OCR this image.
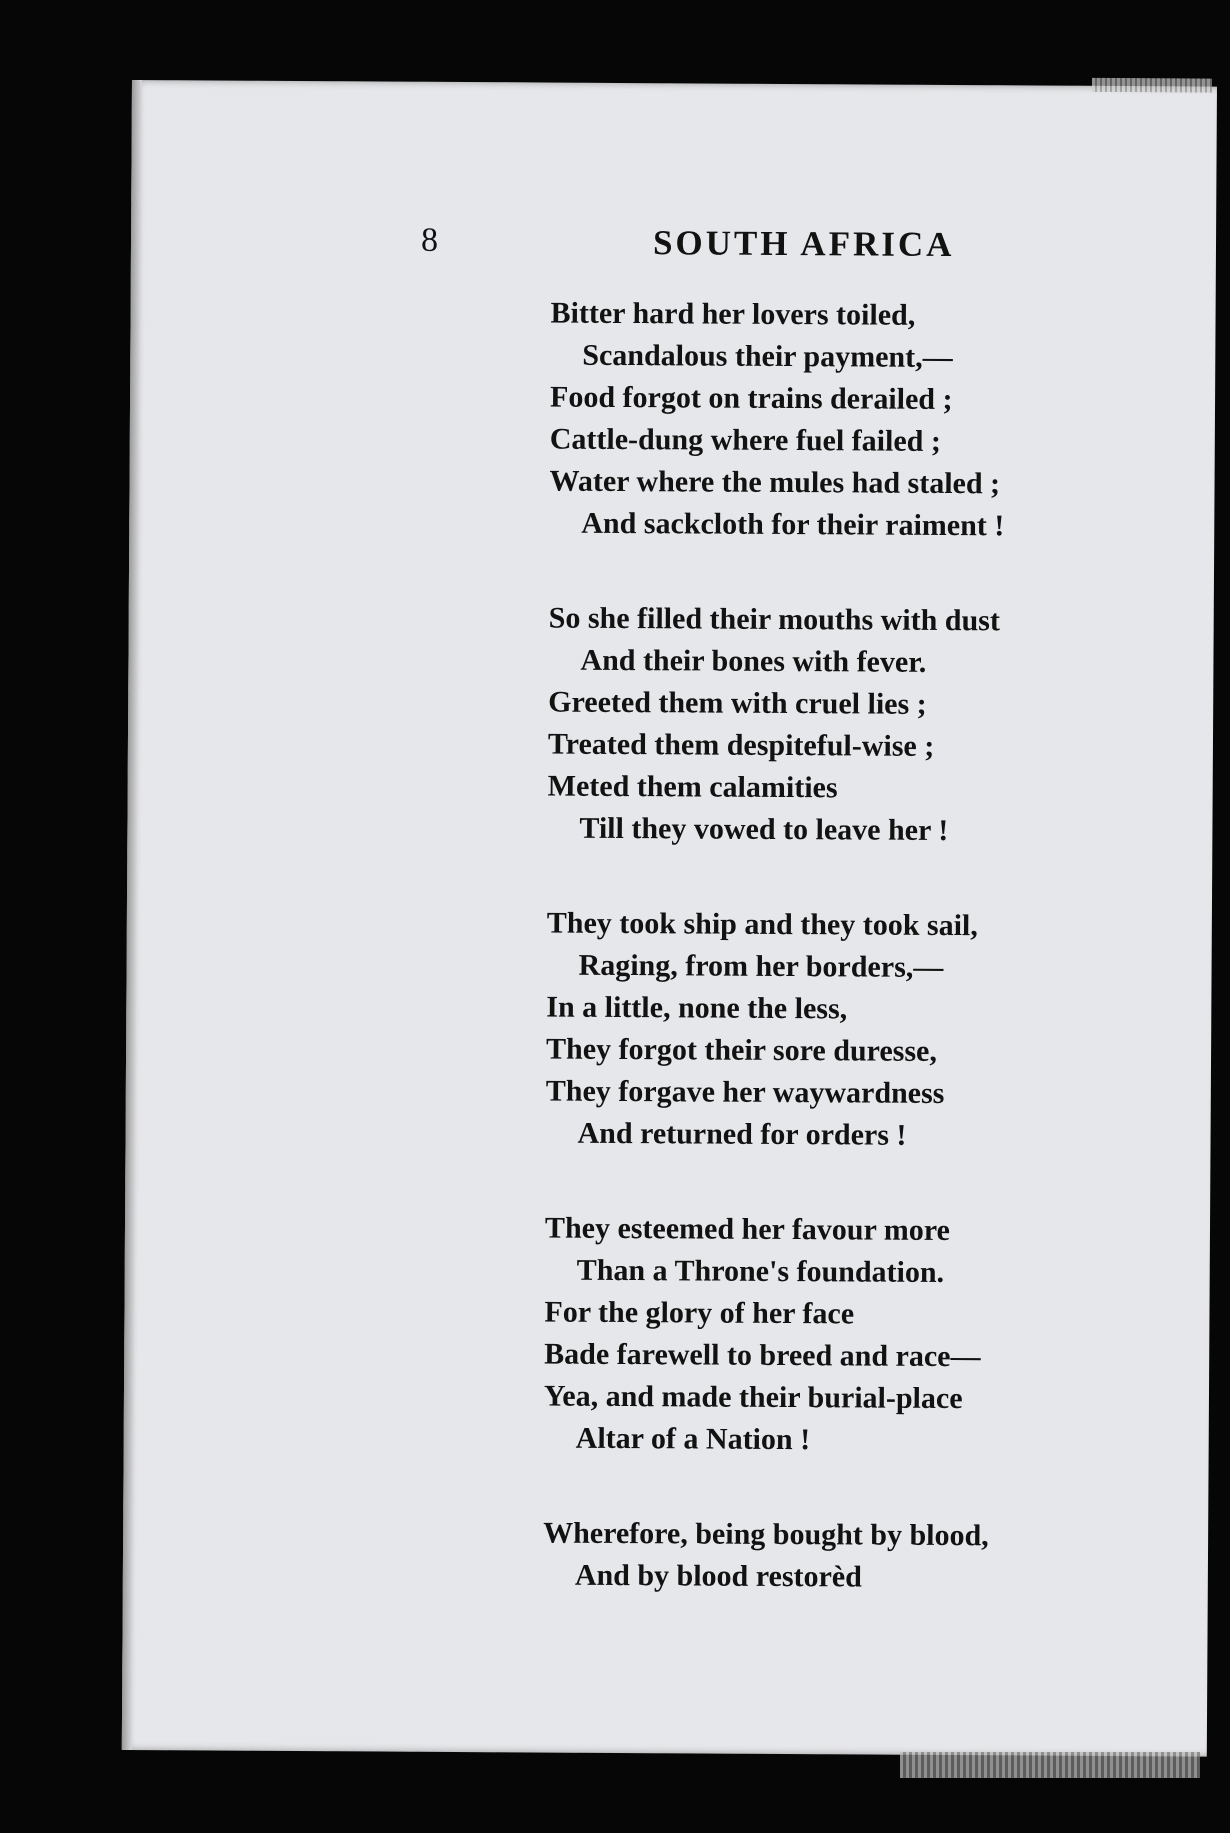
8	SOUTH AFRICA
Bitter hard her lovers toiled,
Scandalous their payment,—
Food forgot on trains derailed ;
Cattle-dung where fuel failed ;
Water where the mules had staled ;
And sackcloth for their raiment !
So she filled their mouths with dust
And their bones with fever.
Greeted them with cruel lies ;
Treated them despiteful-wise ;
Meted them calamities
Till they vowed to leave her !
They took ship and they took sail,
Raging, from her borders,—
In a little, none the less,
They forgot their sore duresse,
They forgave her waywardness
And returned for orders !
They esteemed her favour more
Than a Throne's foundation.
For the glory of her face
Bade farewell to breed and race—
Yea, and made their burial-place
Altar of a Nation !
Wherefore, being bought by blood,
And by blood restorèd
